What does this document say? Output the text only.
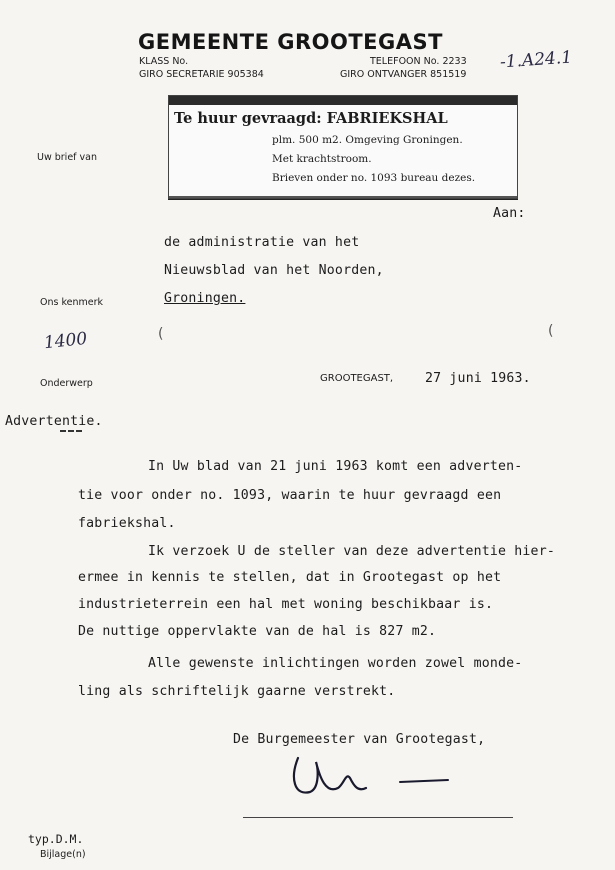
GEMEENTE GROOTEGAST
KLASS No.
GIRO SECRETARIE 905384
TELEFOON No. 2233
GIRO ONTVANGER 851519
-1.A24.1
Te huur gevraagd: FABRIEKSHAL
plm. 500 m2. Omgeving Groningen.
Met krachtstroom.
Brieven onder no. 1093 bureau dezes.
Uw brief van
Ons kenmerk
1400
Onderwerp
Aan:
de administratie van het
Nieuwsblad van het Noorden,
Groningen.
GROOTEGAST, 27 juni 1963.
Advertentie.
In Uw blad van 21 juni 1963 komt een adverten-
tie voor onder no. 1093, waarin te huur gevraagd een
fabriekshal.
Ik verzoek U de steller van deze advertentie hier-
ermee in kennis te stellen, dat in Grootegast op het
industrieterrein een hal met woning beschikbaar is.
De nuttige oppervlakte van de hal is 827 m2.
Alle gewenste inlichtingen worden zowel monde-
ling als schriftelijk gaarne verstrekt.
De Burgemeester van Grootegast,
typ.D.M.
Bijlage(n)
(	(
